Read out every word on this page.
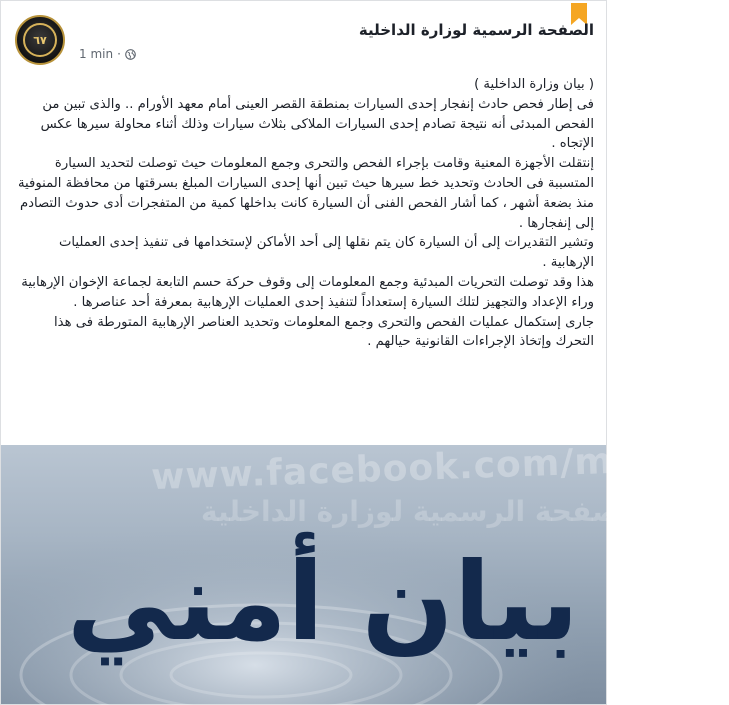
٦٧
الصفحة الرسمية لوزارة الداخلية
1 min ·

( بيان وزارة الداخلية )

فى إطار فحص حادث إنفجار إحدى السيارات بمنطقة القصر العينى أمام معهد الأورام .. والذى تبين من الفحص المبدئى أنه نتيجة تصادم إحدى السيارات الملاكى بثلاث سيارات وذلك أثناء محاولة سيرها عكس الإتجاه .

إنتقلت الأجهزة المعنية وقامت بإجراء الفحص والتحرى وجمع المعلومات حيث توصلت لتحديد السيارة المتسببة فى الحادث وتحديد خط سيرها حيث تبين أنها إحدى السيارات المبلغ بسرقتها من محافظة المنوفية منذ بضعة أشهر ، كما أشار الفحص الفنى أن السيارة كانت بداخلها كمية من المتفجرات أدى حدوث التصادم إلى إنفجارها .

وتشير التقديرات إلى أن السيارة كان يتم نقلها إلى أحد الأماكن لإستخدامها فى تنفيذ إحدى العمليات الإرهابية .

هذا وقد توصلت التحريات المبدئية وجمع المعلومات إلى وقوف حركة حسم التابعة لجماعة الإخوان الإرهابية وراء الإعداد والتجهيز لتلك السيارة إستعداداً لتنفيذ إحدى العمليات الإرهابية بمعرفة أحد عناصرها .

جارى إستكمال عمليات الفحص والتحرى وجمع المعلومات وتحديد العناصر الإرهابية المتورطة فى هذا التحرك وإتخاذ الإجراءات القانونية حيالهم .

www.facebook.com/moiegy
الصفحة الرسمية لوزارة الداخلية
بيان أمني
